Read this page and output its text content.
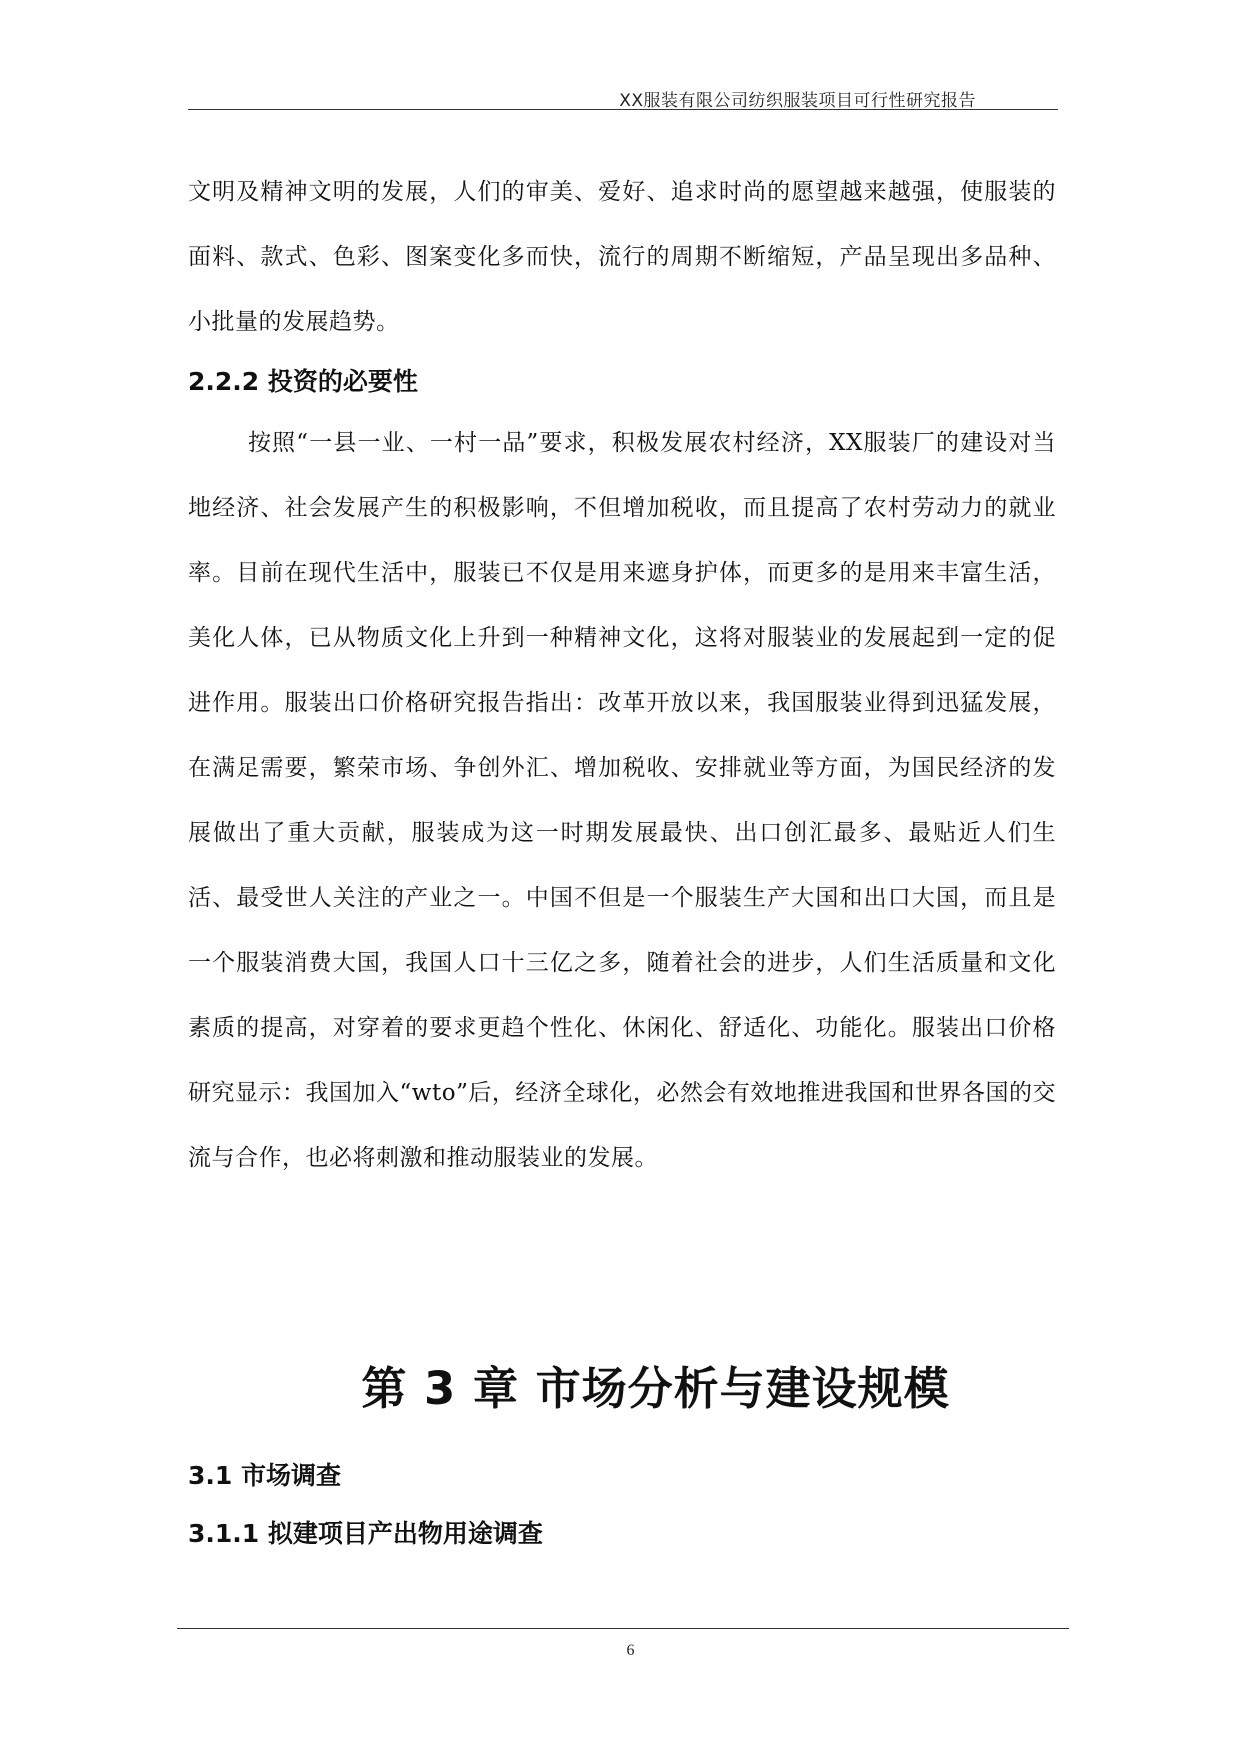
XX服装有限公司纺织服装项目可行性研究报告

文明及精神文明的发展，人们的审美、爱好、追求时尚的愿望越来越强，使服装的面料、款式、色彩、图案变化多而快，流行的周期不断缩短，产品呈现出多品种、小批量的发展趋势。

2.2.2 投资的必要性

按照“一县一业、一村一品”要求，积极发展农村经济，XX服装厂的建设对当地经济、社会发展产生的积极影响，不但增加税收，而且提高了农村劳动力的就业率。目前在现代生活中，服装已不仅是用来遮身护体，而更多的是用来丰富生活，美化人体，已从物质文化上升到一种精神文化，这将对服装业的发展起到一定的促进作用。服装出口价格研究报告指出：改革开放以来，我国服装业得到迅猛发展，在满足需要，繁荣市场、争创外汇、增加税收、安排就业等方面，为国民经济的发展做出了重大贡献，服装成为这一时期发展最快、出口创汇最多、最贴近人们生活、最受世人关注的产业之一。中国不但是一个服装生产大国和出口大国，而且是一个服装消费大国，我国人口十三亿之多，随着社会的进步，人们生活质量和文化素质的提高，对穿着的要求更趋个性化、休闲化、舒适化、功能化。服装出口价格研究显示：我国加入“wto”后，经济全球化，必然会有效地推进我国和世界各国的交流与合作，也必将刺激和推动服装业的发展。

第 3 章 市场分析与建设规模
3.1 市场调查
3.1.1 拟建项目产出物用途调查
6
